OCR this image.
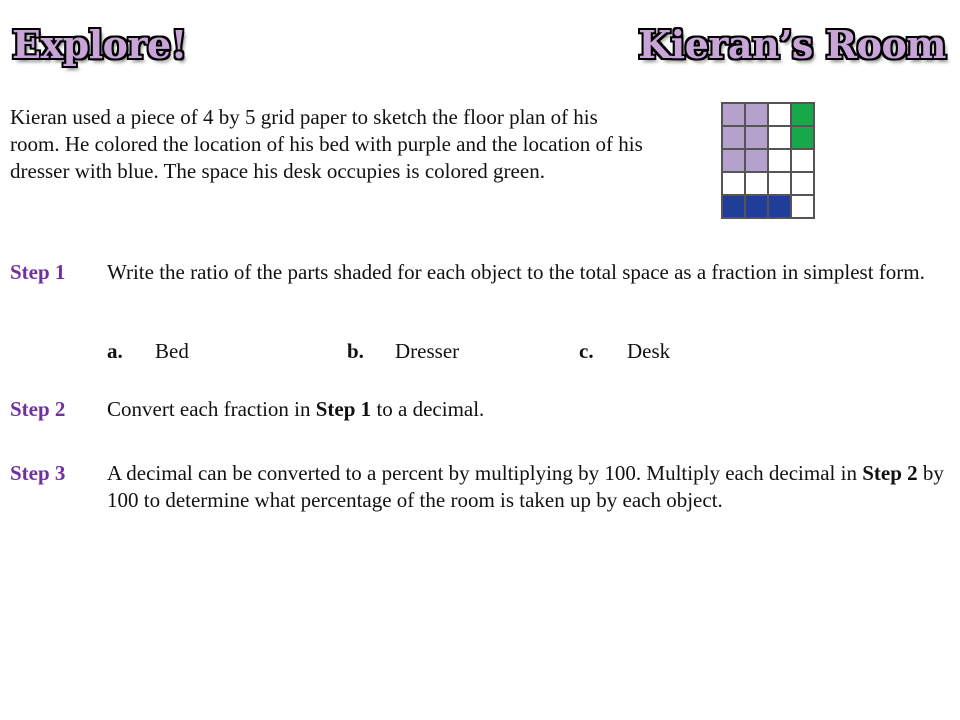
Explore!	Kieran’s Room

Kieran used a piece of 4 by 5 grid paper to sketch the floor plan of his room. He colored the location of his bed with purple and the location of his dresser with blue. The space his desk occupies is colored green.

Step 1 Write the ratio of the parts shaded for each object to the total space as a fraction in simplest form.

a. Bed	b. Dresser	c. Desk
Step 2 Convert each fraction in Step 1 to a decimal.

Step 3 A decimal can be converted to a percent by multiplying by 100. Multiply each decimal in Step 2 by 100 to determine what percentage of the room is taken up by each object.
